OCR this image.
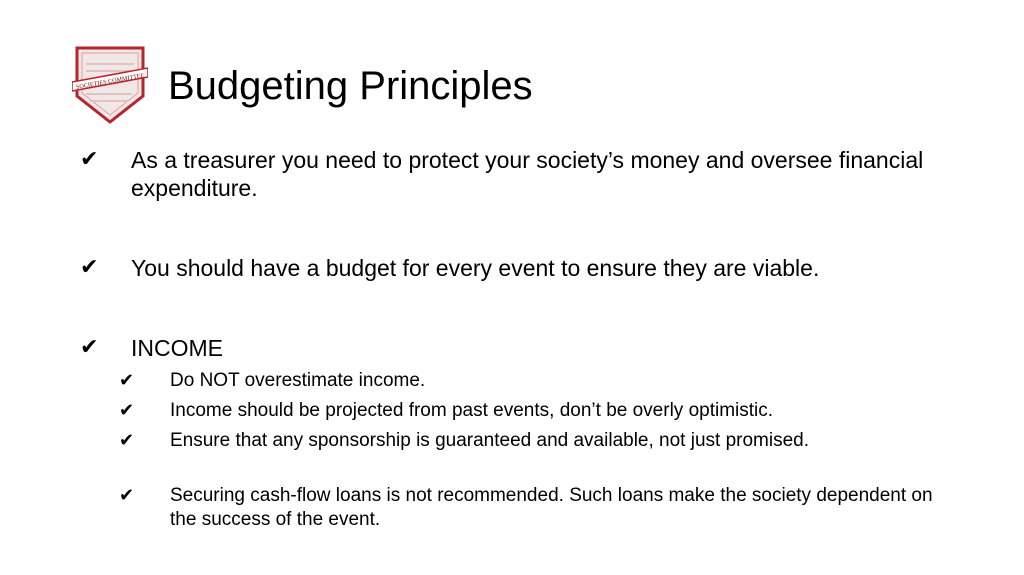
SOCIETIES COMMITTEE Budgeting Principles
✔ As a treasurer you need to protect your society’s money and oversee financial expenditure.
✔ You should have a budget for every event to ensure they are viable.
✔ INCOME
✔ Do NOT overestimate income.
✔ Income should be projected from past events, don’t be overly optimistic.
✔ Ensure that any sponsorship is guaranteed and available, not just promised.
✔ Securing cash-flow loans is not recommended. Such loans make the society dependent on the success of the event.
